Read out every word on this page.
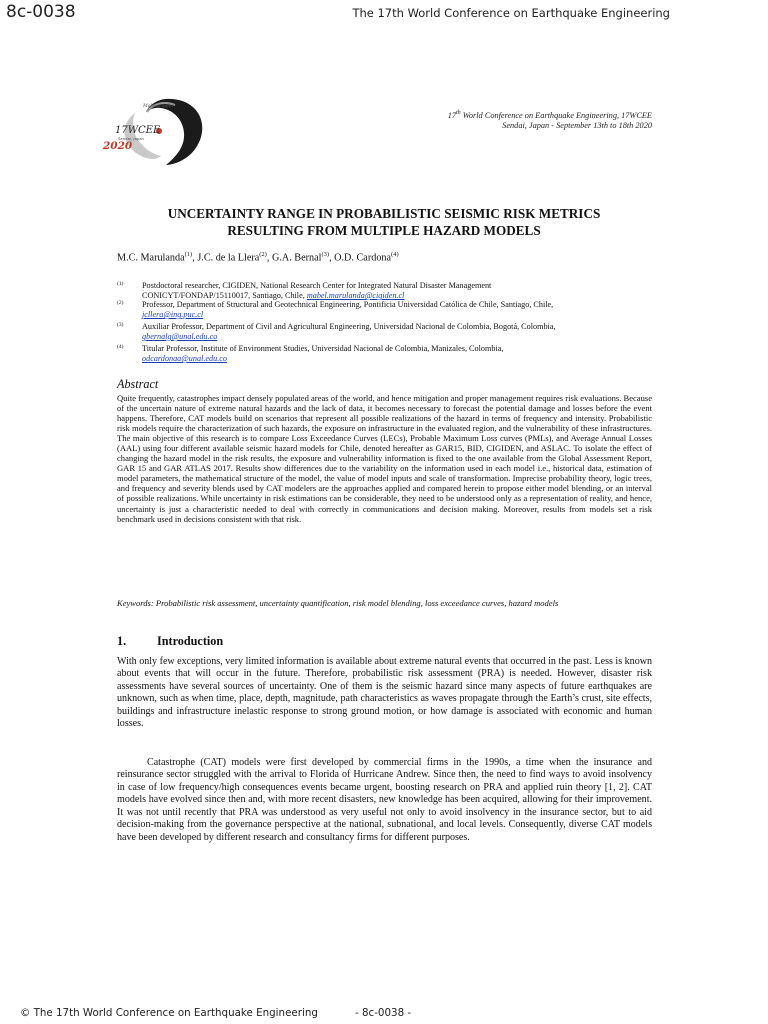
8c-0038	The 17th World Conference on Earthquake Engineering
Make it safer
17WCEE
Sendai, Japan
2020
17th World Conference on Earthquake Engineering, 17WCEE
Sendai, Japan - September 13th to 18th 2020
UNCERTAINTY RANGE IN PROBABILISTIC SEISMIC RISK METRICS
RESULTING FROM MULTIPLE HAZARD MODELS
M.C. Marulanda$^{(1)}$, J.C. de la Llera$^{(2)}$, G.A. Bernal$^{(3)}$, O.D. Cardona$^{(4)}$
(1) Postdoctoral researcher, CIGIDEN, National Research Center for Integrated Natural Disaster Management
CONICYT/FONDAP/15110017, Santiago, Chile, mabel.marulanda@cigiden.cl
(2) Professor, Department of Structural and Geotechnical Engineering, Pontificia Universidad Católica de Chile, Santiago, Chile,
jcllera@ing.puc.cl
(3) Auxiliar Professor, Department of Civil and Agricultural Engineering, Universidad Nacional de Colombia, Bogotá, Colombia,
gbernalg@unal.edu.co
(4) Titular Professor, Institute of Environment Studies, Universidad Nacional de Colombia, Manizales, Colombia,
odcardonaa@unal.edu.co
Abstract
Quite frequently, catastrophes impact densely populated areas of the world, and hence mitigation and proper management requires risk evaluations. Because of the uncertain nature of extreme natural hazards and the lack of data, it becomes necessary to forecast the potential damage and losses before the event happens. Therefore, CAT models build on scenarios that represent all possible realizations of the hazard in terms of frequency and intensity. Probabilistic risk models require the characterization of such hazards, the exposure on infrastructure in the evaluated region, and the vulnerability of these infrastructures. The main objective of this research is to compare Loss Exceedance Curves (LECs), Probable Maximum Loss curves (PMLs), and Average Annual Losses (AAL) using four different available seismic hazard models for Chile, denoted hereafter as GAR15, BID, CIGIDEN, and ASLAC. To isolate the effect of changing the hazard model in the risk results, the exposure and vulnerability information is fixed to the one available from the Global Assessment Report, GAR 15 and GAR ATLAS 2017. Results show differences due to the variability on the information used in each model i.e., historical data, estimation of model parameters, the mathematical structure of the model, the value of model inputs and scale of transformation. Imprecise probability theory, logic trees, and frequency and severity blends used by CAT modelers are the approaches applied and compared herein to propose either model blending, or an interval of possible realizations. While uncertainty in risk estimations can be considerable, they need to be understood only as a representation of reality, and hence, uncertainty is just a characteristic needed to deal with correctly in communications and decision making. Moreover, results from models set a risk benchmark used in decisions consistent with that risk.
Keywords: Probabilistic risk assessment, uncertainty quantification, risk model blending, loss exceedance curves, hazard models
1.	Introduction

With only few exceptions, very limited information is available about extreme natural events that occurred in the past. Less is known about events that will occur in the future. Therefore, probabilistic risk assessment (PRA) is needed. However, disaster risk assessments have several sources of uncertainty. One of them is the seismic hazard since many aspects of future earthquakes are unknown, such as when time, place, depth, magnitude, path characteristics as waves propagate through the Earth’s crust, site effects, buildings and infrastructure inelastic response to strong ground motion, or how damage is associated with economic and human losses.

Catastrophe (CAT) models were first developed by commercial firms in the 1990s, a time when the insurance and reinsurance sector struggled with the arrival to Florida of Hurricane Andrew. Since then, the need to find ways to avoid insolvency in case of low frequency/high consequences events became urgent, boosting research on PRA and applied ruin theory [1, 2]. CAT models have evolved since then and, with more recent disasters, new knowledge has been acquired, allowing for their improvement. It was not until recently that PRA was understood as very useful not only to avoid insolvency in the insurance sector, but to aid decision-making from the governance perspective at the national, subnational, and local levels. Consequently, diverse CAT models have been developed by different research and consultancy firms for different purposes.

© The 17th World Conference on Earthquake Engineering	- 8c-0038 -
